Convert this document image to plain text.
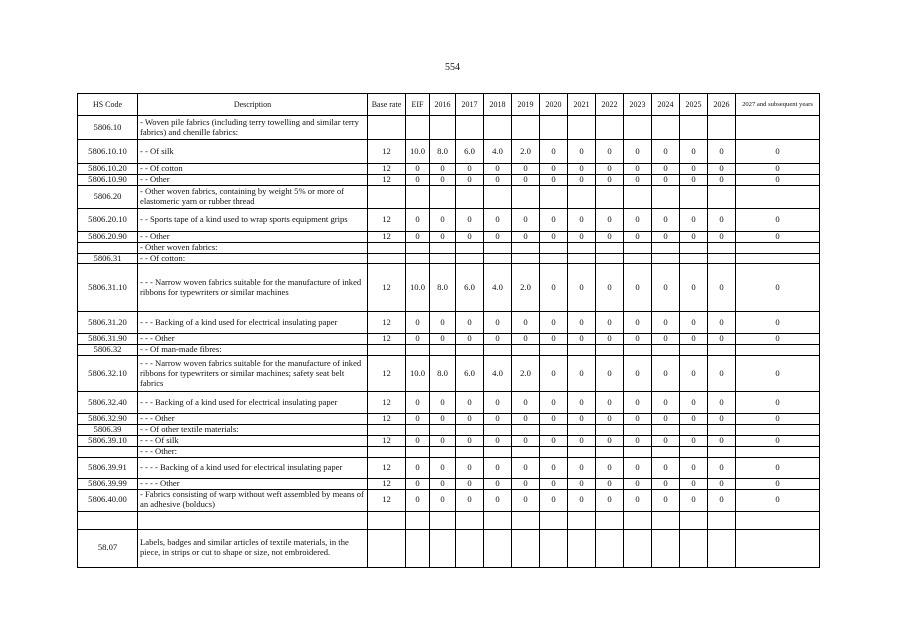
554
HS Code	Description	Base rate	EIF	2016	2017	2018	2019	2020	2021	2022	2023	2024	2025	2026	2027 and subsequent years
5806.10	- Woven pile fabrics (including terry towelling and similar terry fabrics) and chenille fabrics:														
5806.10.10	- - Of silk	12	10.0	8.0	6.0	4.0	2.0	0	0	0	0	0	0	0	0
5806.10.20	- - Of cotton	12	0	0	0	0	0	0	0	0	0	0	0	0	0
5806.10.90	- - Other	12	0	0	0	0	0	0	0	0	0	0	0	0	0
5806.20	- Other woven fabrics, containing by weight 5% or more of elastomeric yarn or rubber thread														
5806.20.10	- - Sports tape of a kind used to wrap sports equipment grips	12	0	0	0	0	0	0	0	0	0	0	0	0	0
5806.20.90	- - Other	12	0	0	0	0	0	0	0	0	0	0	0	0	0
	- Other woven fabrics:														
5806.31	- - Of cotton:														
5806.31.10	- - - Narrow woven fabrics suitable for the manufacture of inked ribbons for typewriters or similar machines	12	10.0	8.0	6.0	4.0	2.0	0	0	0	0	0	0	0	0
5806.31.20	- - - Backing of a kind used for electrical insulating paper	12	0	0	0	0	0	0	0	0	0	0	0	0	0
5806.31.90	- - - Other	12	0	0	0	0	0	0	0	0	0	0	0	0	0
5806.32	- - Of man-made fibres:														
5806.32.10	- - - Narrow woven fabrics suitable for the manufacture of inked ribbons for typewriters or similar machines; safety seat belt fabrics	12	10.0	8.0	6.0	4.0	2.0	0	0	0	0	0	0	0	0
5806.32.40	- - - Backing of a kind used for electrical insulating paper	12	0	0	0	0	0	0	0	0	0	0	0	0	0
5806.32.90	- - - Other	12	0	0	0	0	0	0	0	0	0	0	0	0	0
5806.39	- - Of other textile materials:														
5806.39.10	- - - Of silk	12	0	0	0	0	0	0	0	0	0	0	0	0	0
	- - - Other:														
5806.39.91	- - - - Backing of a kind used for electrical insulating paper	12	0	0	0	0	0	0	0	0	0	0	0	0	0
5806.39.99	- - - - Other	12	0	0	0	0	0	0	0	0	0	0	0	0	0
5806.40.00	- Fabrics consisting of warp without weft assembled by means of an adhesive (bolducs)	12	0	0	0	0	0	0	0	0	0	0	0	0	0

58.07	Labels, badges and similar articles of textile materials, in the piece, in strips or cut to shape or size, not embroidered.														
